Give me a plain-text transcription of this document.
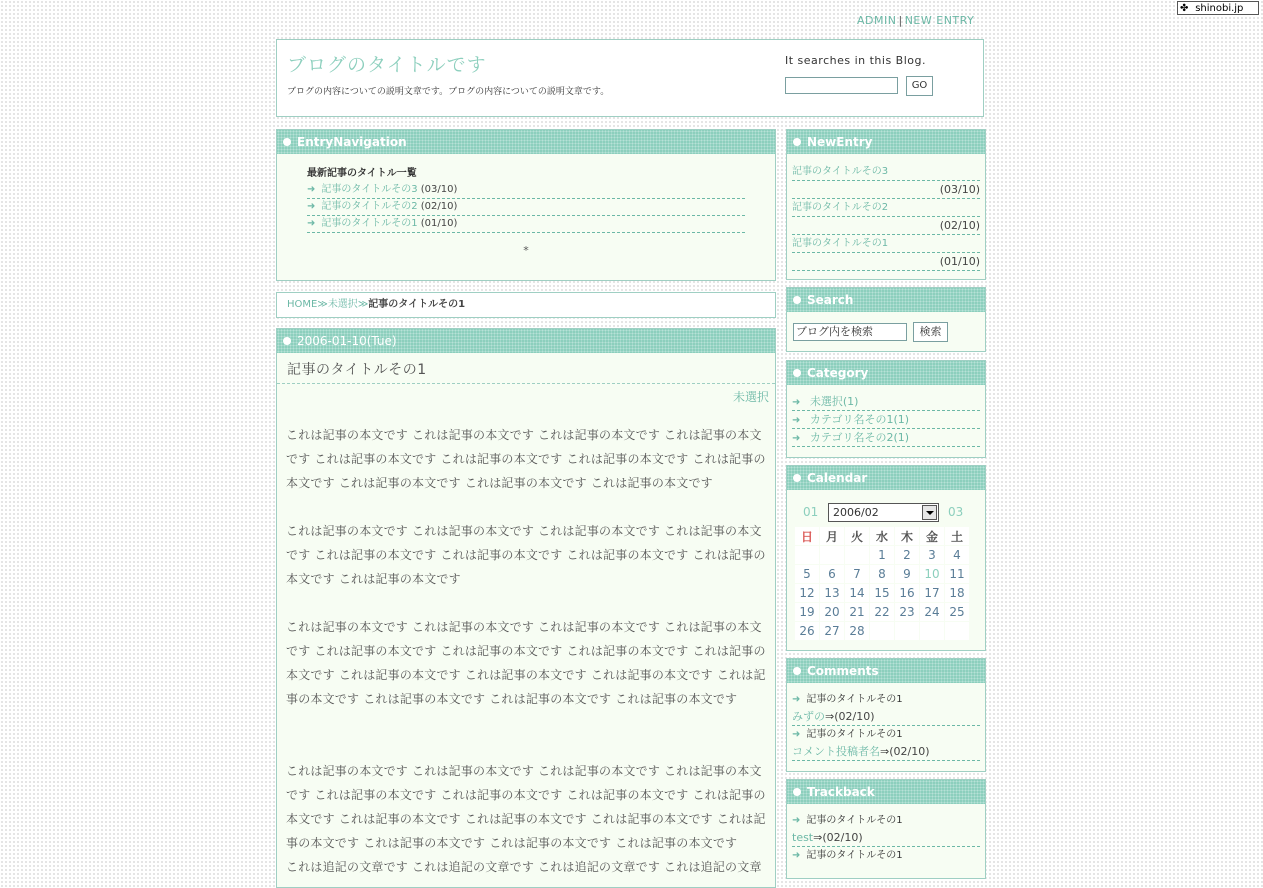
✤ shinobi.jp
ADMIN | NEW ENTRY
ブログのタイトルです
ブログの内容についての説明文章です。ブログの内容についての説明文章です。
It searches in this Blog.
GO
EntryNavigation
最新記事のタイトル一覧
➜ 記事のタイトルその3 (03/10)
➜ 記事のタイトルその2 (02/10)
➜ 記事のタイトルその1 (01/10)
*
HOME≫未選択≫記事のタイトルその1
2006-01-10(Tue)
記事のタイトルその1
未選択
これは記事の本文です これは記事の本文です これは記事の本文です これは記事の本文です これは記事の本文です これは記事の本文です これは記事の本文です これは記事の本文です これは記事の本文です これは記事の本文です これは記事の本文です
これは記事の本文です これは記事の本文です これは記事の本文です これは記事の本文です これは記事の本文です これは記事の本文です これは記事の本文です これは記事の本文です これは記事の本文です
これは記事の本文です これは記事の本文です これは記事の本文です これは記事の本文です これは記事の本文です これは記事の本文です これは記事の本文です これは記事の本文です これは記事の本文です これは記事の本文です これは記事の本文です これは記事の本文です これは記事の本文です これは記事の本文です これは記事の本文です
これは記事の本文です これは記事の本文です これは記事の本文です これは記事の本文です これは記事の本文です これは記事の本文です これは記事の本文です これは記事の本文です これは記事の本文です これは記事の本文です これは記事の本文です これは記事の本文です これは記事の本文です これは記事の本文です これは記事の本文です
これは追記の文章です これは追記の文章です これは追記の文章です これは追記の文章
NewEntry
記事のタイトルその3
(03/10)
記事のタイトルその2
(02/10)
記事のタイトルその1
(01/10)
Search
ブログ内を検索	検索
Category
➜ 未選択(1)
➜ カテゴリ名その1(1)
➜ カテゴリ名その2(1)
Calendar
01	2006/02	03
日	月	火	水	木	金	土
			1	2	3	4
5	6	7	8	9	10	11
12	13	14	15	16	17	18
19	20	21	22	23	24	25
26	27	28				
Comments
➜ 記事のタイトルその1
みずの⇒(02/10)
➜ 記事のタイトルその1
コメント投稿者名⇒(02/10)
Trackback
➜ 記事のタイトルその1
test⇒(02/10)
➜ 記事のタイトルその1
